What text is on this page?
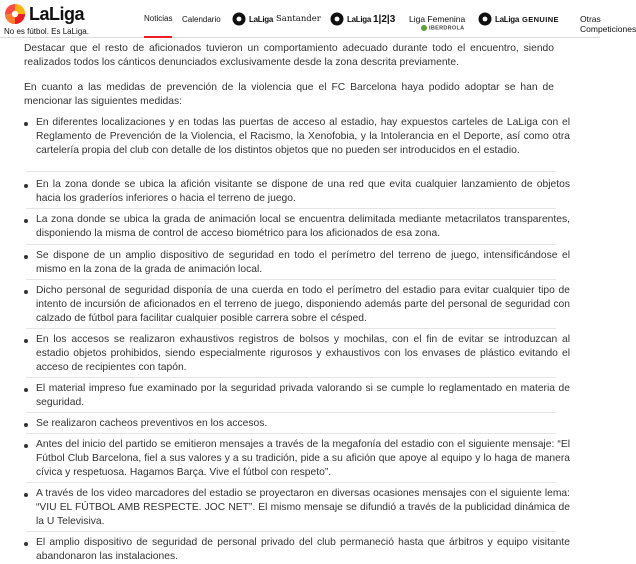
LaLiga
No es fútbol. Es LaLiga.
Noticias Calendario	LaLiga Santander	LaLiga 1|2|3 Liga Femenina
IBERDROLA
LaLiga GENUINE Otras Competiciones

Destacar que el resto de aficionados tuvieron un comportamiento adecuado durante todo el encuentro, siendo realizados todos los cánticos denunciados exclusivamente desde la zona descrita previamente.

En cuanto a las medidas de prevención de la violencia que el FC Barcelona haya podido adoptar se han de mencionar las siguientes medidas:

En diferentes localizaciones y en todas las puertas de acceso al estadio, hay expuestos carteles de LaLiga con el Reglamento de Prevención de la Violencia, el Racismo, la Xenofobia, y la Intolerancia en el Deporte, así como otra cartelería propia del club con detalle de los distintos objetos que no pueden ser introducidos en el estadio.
En la zona donde se ubica la afición visitante se dispone de una red que evita cualquier lanzamiento de objetos hacia los graderíos inferiores o hacia el terreno de juego.
La zona donde se ubica la grada de animación local se encuentra delimitada mediante metacrilatos transparentes, disponiendo la misma de control de acceso biométrico para los aficionados de esa zona.
Se dispone de un amplio dispositivo de seguridad en todo el perímetro del terreno de juego, intensificándose el mismo en la zona de la grada de animación local.
Dicho personal de seguridad disponía de una cuerda en todo el perímetro del estadio para evitar cualquier tipo de intento de incursión de aficionados en el terreno de juego, disponiendo además parte del personal de seguridad con calzado de fútbol para facilitar cualquier posible carrera sobre el césped.
En los accesos se realizaron exhaustivos registros de bolsos y mochilas, con el fin de evitar se introduzcan al estadio objetos prohibidos, siendo especialmente rigurosos y exhaustivos con los envases de plástico evitando el acceso de recipientes con tapón.
El material impreso fue examinado por la seguridad privada valorando si se cumple lo reglamentado en materia de seguridad.
Se realizaron cacheos preventivos en los accesos.
Antes del inicio del partido se emitieron mensajes a través de la megafonía del estadio con el siguiente mensaje: “El Fútbol Club Barcelona, fiel a sus valores y a su tradición, pide a su afición que apoye al equipo y lo haga de manera cívica y respetuosa. Hagamos Barça. Vive el fútbol con respeto”.
A través de los video marcadores del estadio se proyectaron en diversas ocasiones mensajes con el siguiente lema: “VIU EL FÚTBOL AMB RESPECTE. JOC NET”. El mismo mensaje se difundió a través de la publicidad dinámica de la U Televisiva.
El amplio dispositivo de seguridad de personal privado del club permaneció hasta que árbitros y equipo visitante abandonaron las instalaciones.
